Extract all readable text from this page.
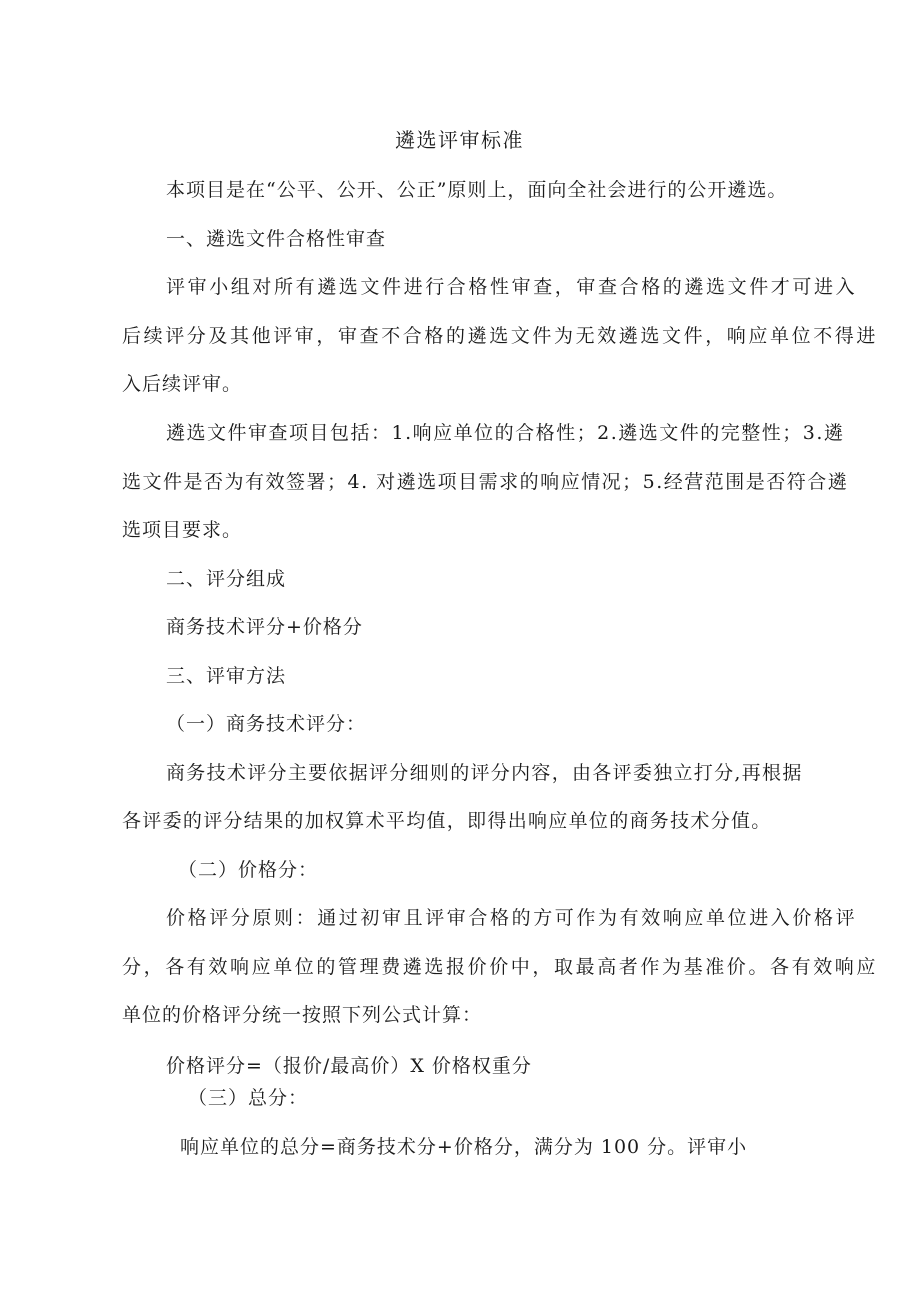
遴选评审标准
本项目是在“公平、公开、公正”原则上，面向全社会进行的公开遴选。
一、遴选文件合格性审查
评审小组对所有遴选文件进行合格性审查，审查合格的遴选文件才可进入
后续评分及其他评审，审查不合格的遴选文件为无效遴选文件，响应单位不得进
入后续评审。
遴选文件审查项目包括：1.响应单位的合格性；2.遴选文件的完整性；3.遴
选文件是否为有效签署；4. 对遴选项目需求的响应情况；5.经营范围是否符合遴
选项目要求。
二、评分组成
商务技术评分+价格分
三、评审方法
（一）商务技术评分：
商务技术评分主要依据评分细则的评分内容，由各评委独立打分,再根据
各评委的评分结果的加权算术平均值，即得出响应单位的商务技术分值。
（二）价格分：
价格评分原则：通过初审且评审合格的方可作为有效响应单位进入价格评
分，各有效响应单位的管理费遴选报价价中，取最高者作为基准价。各有效响应
单位的价格评分统一按照下列公式计算：
价格评分=（报价/最高价）X 价格权重分
（三）总分：
响应单位的总分=商务技术分+价格分，满分为 100 分。评审小
